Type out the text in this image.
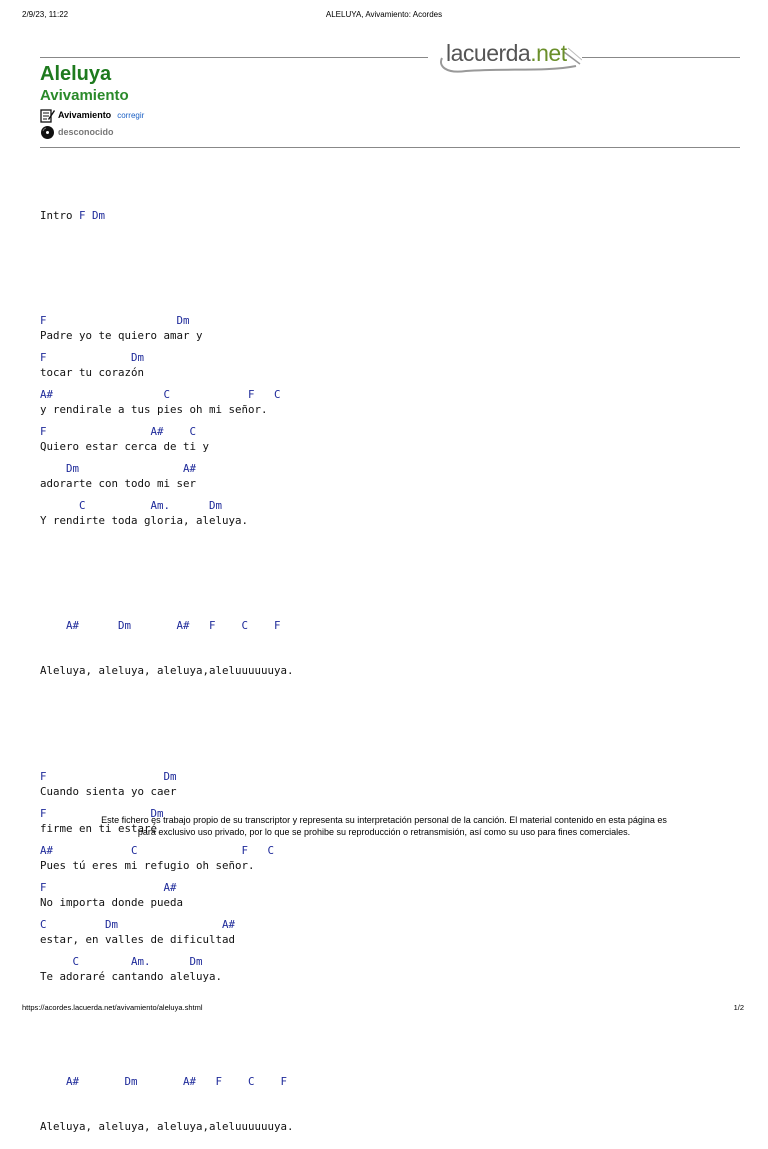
2/9/23, 11:22	ALELUYA, Avivamiento: Acordes
lacuerda.net
Aleluya
Avivamiento
Avivamiento corregir
desconocido

Intro F Dm

F                    Dm
Padre yo te quiero amar y
F             Dm
tocar tu corazón
A#                 C            F   C
y rendirale a tus pies oh mi señor.
F                A#    C
Quiero estar cerca de ti y
Dm                A#
adorarte con todo mi ser
C          Am.      Dm
Y rendirte toda gloria, aleluya.

A#      Dm       A#   F    C    F

Aleluya, aleluya, aleluya,aleluuuuuuya.

F                  Dm
Cuando sienta yo caer
F                Dm
firme en ti estaré
A#            C                F   C
Pues tú eres mi refugio oh señor.
F                  A#
No importa donde pueda
C         Dm                A#
estar, en valles de dificultad
C        Am.      Dm
Te adoraré cantando aleluya.

A#       Dm       A#   F    C    F

Aleluya, aleluya, aleluya,aleluuuuuuya.

Este fichero es trabajo propio de su transcriptor y representa su interpretación personal de la canción. El material contenido en esta página es
para exclusivo uso privado, por lo que se prohibe su reproducción o retransmisión, así como su uso para fines comerciales.
https://acordes.lacuerda.net/avivamiento/aleluya.shtml	1/2
